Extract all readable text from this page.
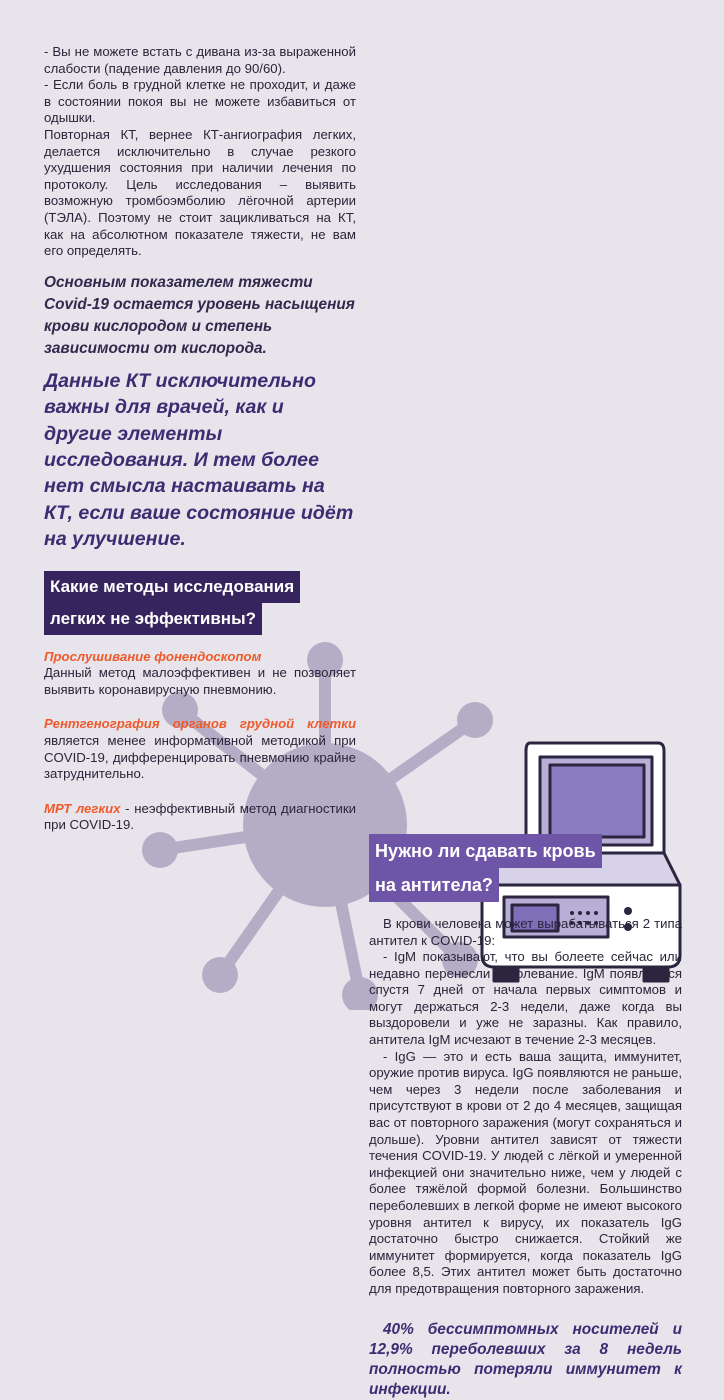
- Вы не можете встать с дивана из-за выраженной слабости (падение давления до 90/60).

- Если боль в грудной клетке не проходит, и даже в состоянии покоя вы не можете избавиться от одышки.

Повторная КТ, вернее КТ-ангиография легких, делается исключительно в случае резкого ухудшения состояния при наличии лечения по протоколу. Цель исследования – выявить возможную тромбоэмболию лёгочной артерии (ТЭЛА). Поэтому не стоит зацикливаться на КТ, как на абсолютном показателе тяжести, не вам его определять.

Основным показателем тяжести Covid-19 остается уровень насыщения крови кислородом и степень зависимости от кислорода.

Данные КТ исключительно важны для врачей, как и другие элементы исследования. И тем более нет смысла настаивать на КТ, если ваше состояние идёт на улучшение.

Какие методы исследования
легких не эффективны?

Прослушивание фонендоскопом
Данный метод малоэффективен и не позволяет выявить коронавирусную пневмонию.

Рентгенография органов грудной клетки является менее информативной методикой при COVID-19, дифференцировать пневмонию крайне затруднительно.

МРТ легких - неэффективный метод диагностики при COVID-19.

Нужно ли сдавать кровь
на антитела?

В крови человека может вырабатываться 2 типа антител к COVID-19:

- IgM показывают, что вы болеете сейчас или недавно перенесли заболевание. IgM появляются спустя 7 дней от начала первых симптомов и могут держаться 2-3 недели, даже когда вы выздоровели и уже не заразны. Как правило, антитела IgM исчезают в течение 2-3 месяцев.

- IgG — это и есть ваша защита, иммунитет, оружие против вируса. IgG появляются не раньше, чем через 3 недели после заболевания и присутствуют в крови от 2 до 4 месяцев, защищая вас от повторного заражения (могут сохраняться и дольше). Уровни антител зависят от тяжести течения COVID-19. У людей с лёгкой и умеренной инфекцией они значительно ниже, чем у людей с более тяжёлой формой болезни. Большинство переболевших в легкой форме не имеют высокого уровня антител к вирусу, их показатель IgG достаточно быстро снижается. Стойкий же иммунитет формируется, когда показатель IgG более 8,5. Этих антител может быть достаточно для предотвращения повторного заражения.

40% бессимптомных носителей и 12,9% переболевших за 8 недель полностью потеряли иммунитет к инфекции.
